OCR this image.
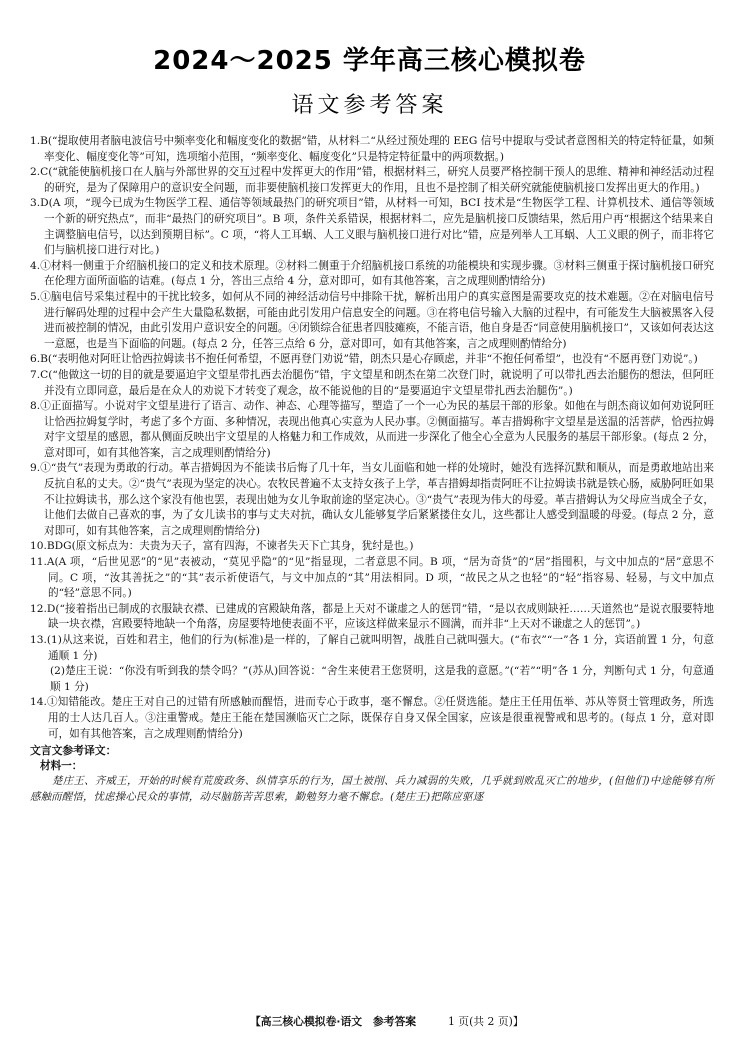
2024～2025 学年高三核心模拟卷
语文参考答案
1.B(“提取使用者脑电波信号中频率变化和幅度变化的数据”错，从材料二“从经过预处理的 EEG 信号中提取与受试者意图相关的特定特征量，如频率变化、幅度变化等”可知，选项缩小范围，“频率变化、幅度变化”只是特定特征量中的两项数据。)
2.C(“就能使脑机接口在人脑与外部世界的交互过程中发挥更大的作用”错，根据材料三，研究人员要严格控制干预人的思维、精神和神经活动过程的研究，是为了保障用户的意识安全问题，而非要使脑机接口发挥更大的作用，且也不是控制了相关研究就能使脑机接口发挥出更大的作用。)
3.D(A 项，“现今已成为生物医学工程、通信等领域最热门的研究项目”错，从材料一可知，BCI 技术是“生物医学工程、计算机技术、通信等领域一个新的研究热点”，而非“最热门的研究项目”。B 项，条件关系错误，根据材料二，应先是脑机接口反馈结果，然后用户再“根据这个结果来自主调整脑电信号，以达到预期目标”。C 项，“将人工耳蜗、人工义眼与脑机接口进行对比”错，应是列举人工耳蜗、人工义眼的例子，而非将它们与脑机接口进行对比。)
4.①材料一侧重于介绍脑机接口的定义和技术原理。②材料二侧重于介绍脑机接口系统的功能模块和实现步骤。③材料三侧重于探讨脑机接口研究在伦理方面所面临的诘难。(每点 1 分，答出三点给 4 分，意对即可，如有其他答案，言之成理则酌情给分)
5.①脑电信号采集过程中的干扰比较多，如何从不同的神经活动信号中排除干扰，解析出用户的真实意图是需要攻克的技术难题。②在对脑电信号进行解码处理的过程中会产生大量隐私数据，可能由此引发用户信息安全的问题。③在将电信号输入大脑的过程中，有可能发生大脑被黑客入侵进而被控制的情况，由此引发用户意识安全的问题。④闭锁综合征患者四肢瘫痪，不能言语，他自身是否“同意使用脑机接口”，又该如何表达这一意愿，也是当下面临的问题。(每点 2 分，任答三点给 6 分，意对即可，如有其他答案，言之成理则酌情给分)
6.B(“表明他对阿旺让恰西拉姆读书不抱任何希望，不愿再登门劝说”错，朗杰只是心存顾虑，并非“不抱任何希望”，也没有“不愿再登门劝说”。)
7.C(“他做这一切的目的就是要逼迫宇文望星带扎西去治腿伤”错，宇文望星和朗杰在第二次登门时，就说明了可以带扎西去治腿伤的想法，但阿旺并没有立即同意，最后是在众人的劝说下才转变了观念，故不能说他的目的“是要逼迫宇文望星带扎西去治腿伤”。)
8.①正面描写。小说对宇文望星进行了语言、动作、神态、心理等描写，塑造了一个一心为民的基层干部的形象。如他在与朗杰商议如何劝说阿旺让恰西拉姆复学时，考虑了多个方面、多种情况，表现出他真心实意为人民办事。②侧面描写。革吉措姆称宇文望星是送温的活菩萨，恰西拉姆对宇文望星的感恩，都从侧面反映出宇文望星的人格魅力和工作成效，从而进一步深化了他全心全意为人民服务的基层干部形象。(每点 2 分，意对即可，如有其他答案，言之成理则酌情给分)
9.①“贵气”表现为勇敢的行动。革吉措姆因为不能读书后悔了几十年，当女儿面临和她一样的处境时，她没有选择沉默和顺从，而是勇敢地站出来反抗自私的丈夫。②“贵气”表现为坚定的决心。农牧民普遍不太支持女孩子上学，革吉措姆却指责阿旺不让拉姆读书就是铁心肠，威胁阿旺如果不让拉姆读书，那么这个家没有他也罢，表现出她为女儿争取前途的坚定决心。③“贵气”表现为伟大的母爱。革吉措姆认为父母应当成全子女，让他们去做自己喜欢的事，为了女儿读书的事与丈夫对抗，确认女儿能够复学后紧紧搂住女儿，这些都让人感受到温暖的母爱。(每点 2 分，意对即可，如有其他答案，言之成理则酌情给分)
10.BDG(原文标点为：夫贵为天子，富有四海，不谏者失天下亡其身，犹纣是也。)
11.A(A 项，“后世见恶”的“见”表被动，“莫见乎隐”的“见”指显现，二者意思不同。B 项，“居为奇货”的“居”指囤积，与文中加点的“居”意思不同。C 项，“汝其善抚之”的“其”表示祈使语气，与文中加点的“其”用法相同。D 项，“故民之从之也轻”的“轻”指容易、轻易，与文中加点的“轻”意思不同。)
12.D(“接着指出已制成的衣服缺衣襟、已建成的宫殿缺角落，都是上天对不谦虚之人的惩罚”错，“是以衣成则缺衽……天道然也”是说衣服要特地缺一块衣襟，宫殿要特地缺一个角落，房屋要特地使表面不平，应该这样做来显示不圆满，而并非“上天对不谦虚之人的惩罚”。)
13.(1)从这来说，百姓和君主，他们的行为(标准)是一样的，了解自己就叫明智，战胜自己就叫强大。(“布衣”“一”各 1 分，宾语前置 1 分，句意通顺 1 分)
(2)楚庄王说：“你没有听到我的禁令吗？”(苏从)回答说：“舍生来使君王您贤明，这是我的意愿。”(“若”“明”各 1 分，判断句式 1 分，句意通顺 1 分)
14.①知错能改。楚庄王对自己的过错有所感触而醒悟，进而专心于政事，毫不懈怠。②任贤选能。楚庄王任用伍举、苏从等贤士管理政务，所选用的士人达几百人。③注重警戒。楚庄王能在楚国濒临灭亡之际，既保存自身又保全国家，应该是很重视警戒和思考的。(每点 1 分，意对即可，如有其他答案，言之成理则酌情给分)
文言文参考译文：
材料一：
楚庄王、齐威王，开始的时候有荒废政务、纵情享乐的行为，国土被削、兵力减弱的失败，几乎就到败乱灭亡的地步，(但他们)中途能够有所感触而醒悟，忧虑操心民众的事情，动尽脑筋苦苦思索，勤勉努力毫不懈怠。(楚庄王)把陈应驱逐
【高三核心模拟卷·语文　参考答案	1 页(共 2 页)】
